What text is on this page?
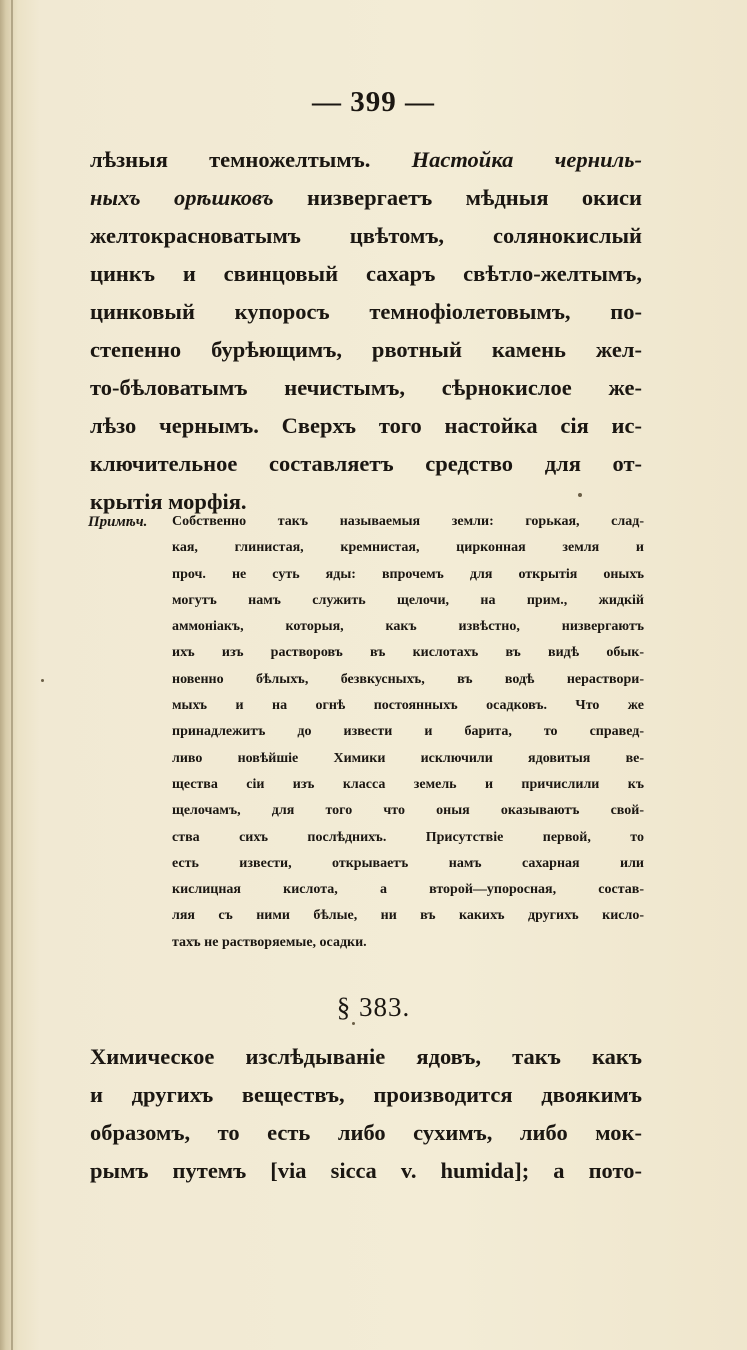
— 399 —
лѣзныя темножелтымъ. Настойка черниль-
ныхъ орѣшковъ низвергаетъ мѣдныя окиси
желтокрасноватымъ цвѣтомъ, солянокислый
цинкъ и свинцовый сахаръ свѣтло-желтымъ,
цинковый купоросъ темнофіолетовымъ, по-
степенно бурѣющимъ, рвотный камень жел-
то-бѣловатымъ нечистымъ, сѣрнокислое же-
лѣзо чернымъ. Сверхъ того настойка сія ис-
ключительное составляетъ средство для от-
крытія морфія.
Примѣч. Собственно такъ называемыя земли: горькая, слад-
кая, глинистая, кремнистая, цирконная земля и
проч. не суть яды: впрочемъ для открытія оныхъ
могутъ намъ служить щелочи, на прим., жидкій
аммоніакъ, которыя, какъ извѣстно, низвергаютъ
ихъ изъ растворовъ въ кислотахъ въ видѣ обык-
новенно бѣлыхъ, безвкусныхъ, въ водѣ нераствори-
мыхъ и на огнѣ постоянныхъ осадковъ. Что же
принадлежитъ до извести и барита, то справед-
ливо новѣйшіе Химики исключили ядовитыя ве-
щества сіи изъ класса земель и причислили къ
щелочамъ, для того что оныя оказываютъ свой-
ства сихъ послѣднихъ. Присутствіе первой, то
есть извести, открываетъ намъ сахарная или
кислицная кислота, а второй—упоросная, состав-
ляя съ ними бѣлые, ни въ какихъ другихъ кисло-
тахъ не растворяемые, осадки.
§ 383.
Химическое изслѣдываніе ядовъ, такъ какъ
и другихъ веществъ, производится двоякимъ
образомъ, то есть либо сухимъ, либо мок-
рымъ путемъ [via sicca v. humida]; а пото-
